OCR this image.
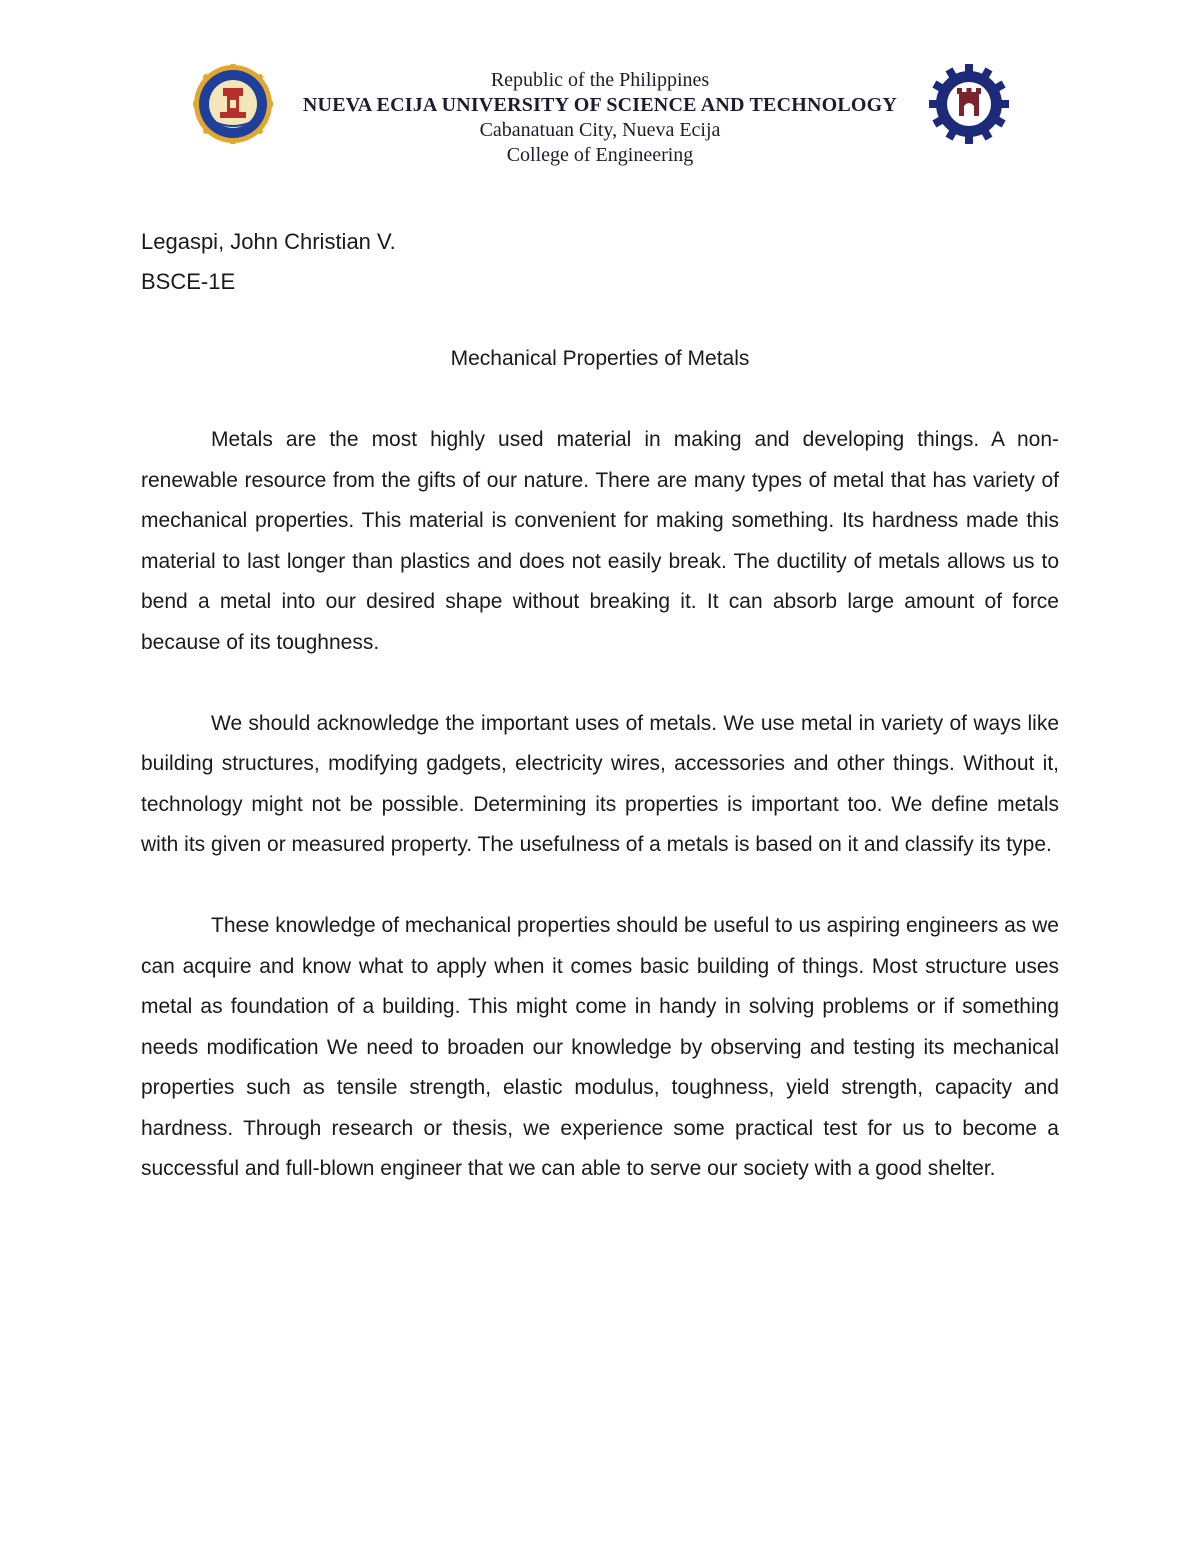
Republic of the Philippines
NUEVA ECIJA UNIVERSITY OF SCIENCE AND TECHNOLOGY
Cabanatuan City, Nueva Ecija
College of Engineering
Legaspi, John Christian V.
BSCE-1E
Mechanical Properties of Metals

Metals are the most highly used material in making and developing things. A non-renewable resource from the gifts of our nature. There are many types of metal that has variety of mechanical properties. This material is convenient for making something. Its hardness made this material to last longer than plastics and does not easily break. The ductility of metals allows us to bend a metal into our desired shape without breaking it. It can absorb large amount of force because of its toughness.

We should acknowledge the important uses of metals. We use metal in variety of ways like building structures, modifying gadgets, electricity wires, accessories and other things. Without it, technology might not be possible. Determining its properties is important too. We define metals with its given or measured property. The usefulness of a metals is based on it and classify its type.

These knowledge of mechanical properties should be useful to us aspiring engineers as we can acquire and know what to apply when it comes basic building of things. Most structure uses metal as foundation of a building. This might come in handy in solving problems or if something needs modification We need to broaden our knowledge by observing and testing its mechanical properties such as tensile strength, elastic modulus, toughness, yield strength, capacity and hardness. Through research or thesis, we experience some practical test for us to become a successful and full-blown engineer that we can able to serve our society with a good shelter.
